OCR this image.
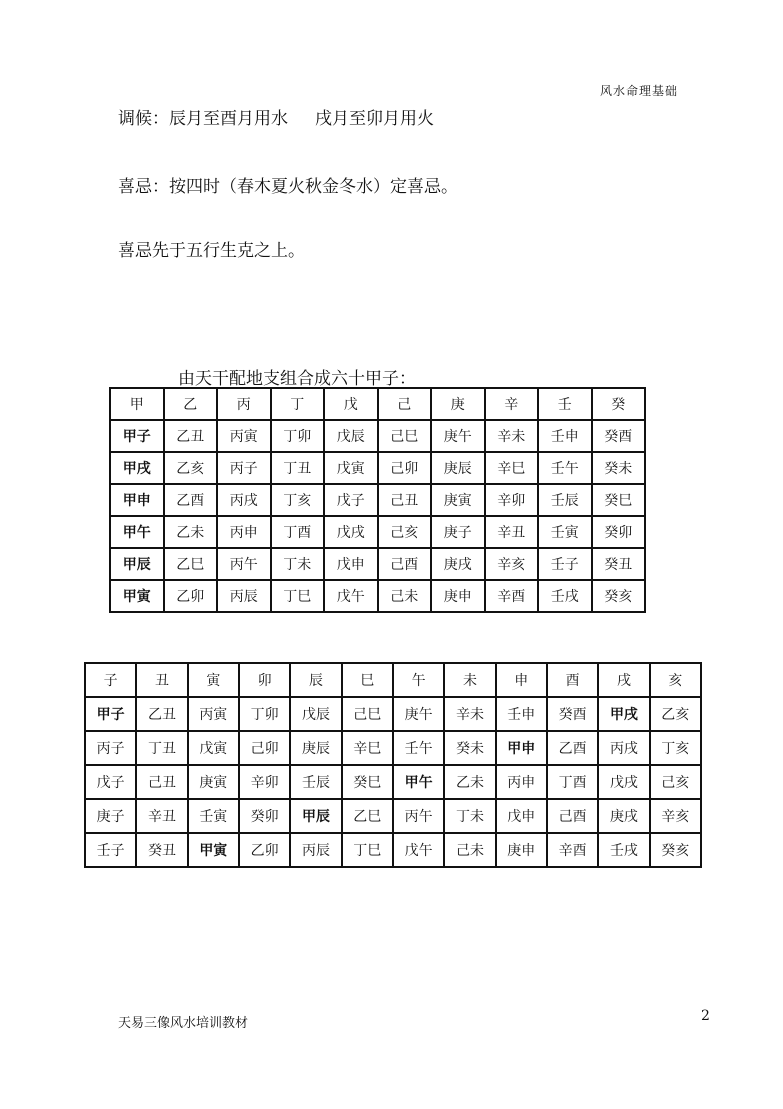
风水命理基础
调候：辰月至酉月用水     戌月至卯月用火
喜忌：按四时（春木夏火秋金冬水）定喜忌。
喜忌先于五行生克之上。
由天干配地支组合成六十甲子：
甲	乙	丙	丁	戊	己	庚	辛	壬	癸
甲子	乙丑	丙寅	丁卯	戊辰	己巳	庚午	辛未	壬申	癸酉
甲戌	乙亥	丙子	丁丑	戊寅	己卯	庚辰	辛巳	壬午	癸未
甲申	乙酉	丙戌	丁亥	戊子	己丑	庚寅	辛卯	壬辰	癸巳
甲午	乙未	丙申	丁酉	戊戌	己亥	庚子	辛丑	壬寅	癸卯
甲辰	乙巳	丙午	丁未	戊申	己酉	庚戌	辛亥	壬子	癸丑
甲寅	乙卯	丙辰	丁巳	戊午	己未	庚申	辛酉	壬戌	癸亥
子	丑	寅	卯	辰	巳	午	未	申	酉	戌	亥
甲子	乙丑	丙寅	丁卯	戊辰	己巳	庚午	辛未	壬申	癸酉	甲戌	乙亥
丙子	丁丑	戊寅	己卯	庚辰	辛巳	壬午	癸未	甲申	乙酉	丙戌	丁亥
戊子	己丑	庚寅	辛卯	壬辰	癸巳	甲午	乙未	丙申	丁酉	戊戌	己亥
庚子	辛丑	壬寅	癸卯	甲辰	乙巳	丙午	丁未	戊申	己酉	庚戌	辛亥
壬子	癸丑	甲寅	乙卯	丙辰	丁巳	戊午	己未	庚申	辛酉	壬戌	癸亥
天易三像风水培训教材	2
